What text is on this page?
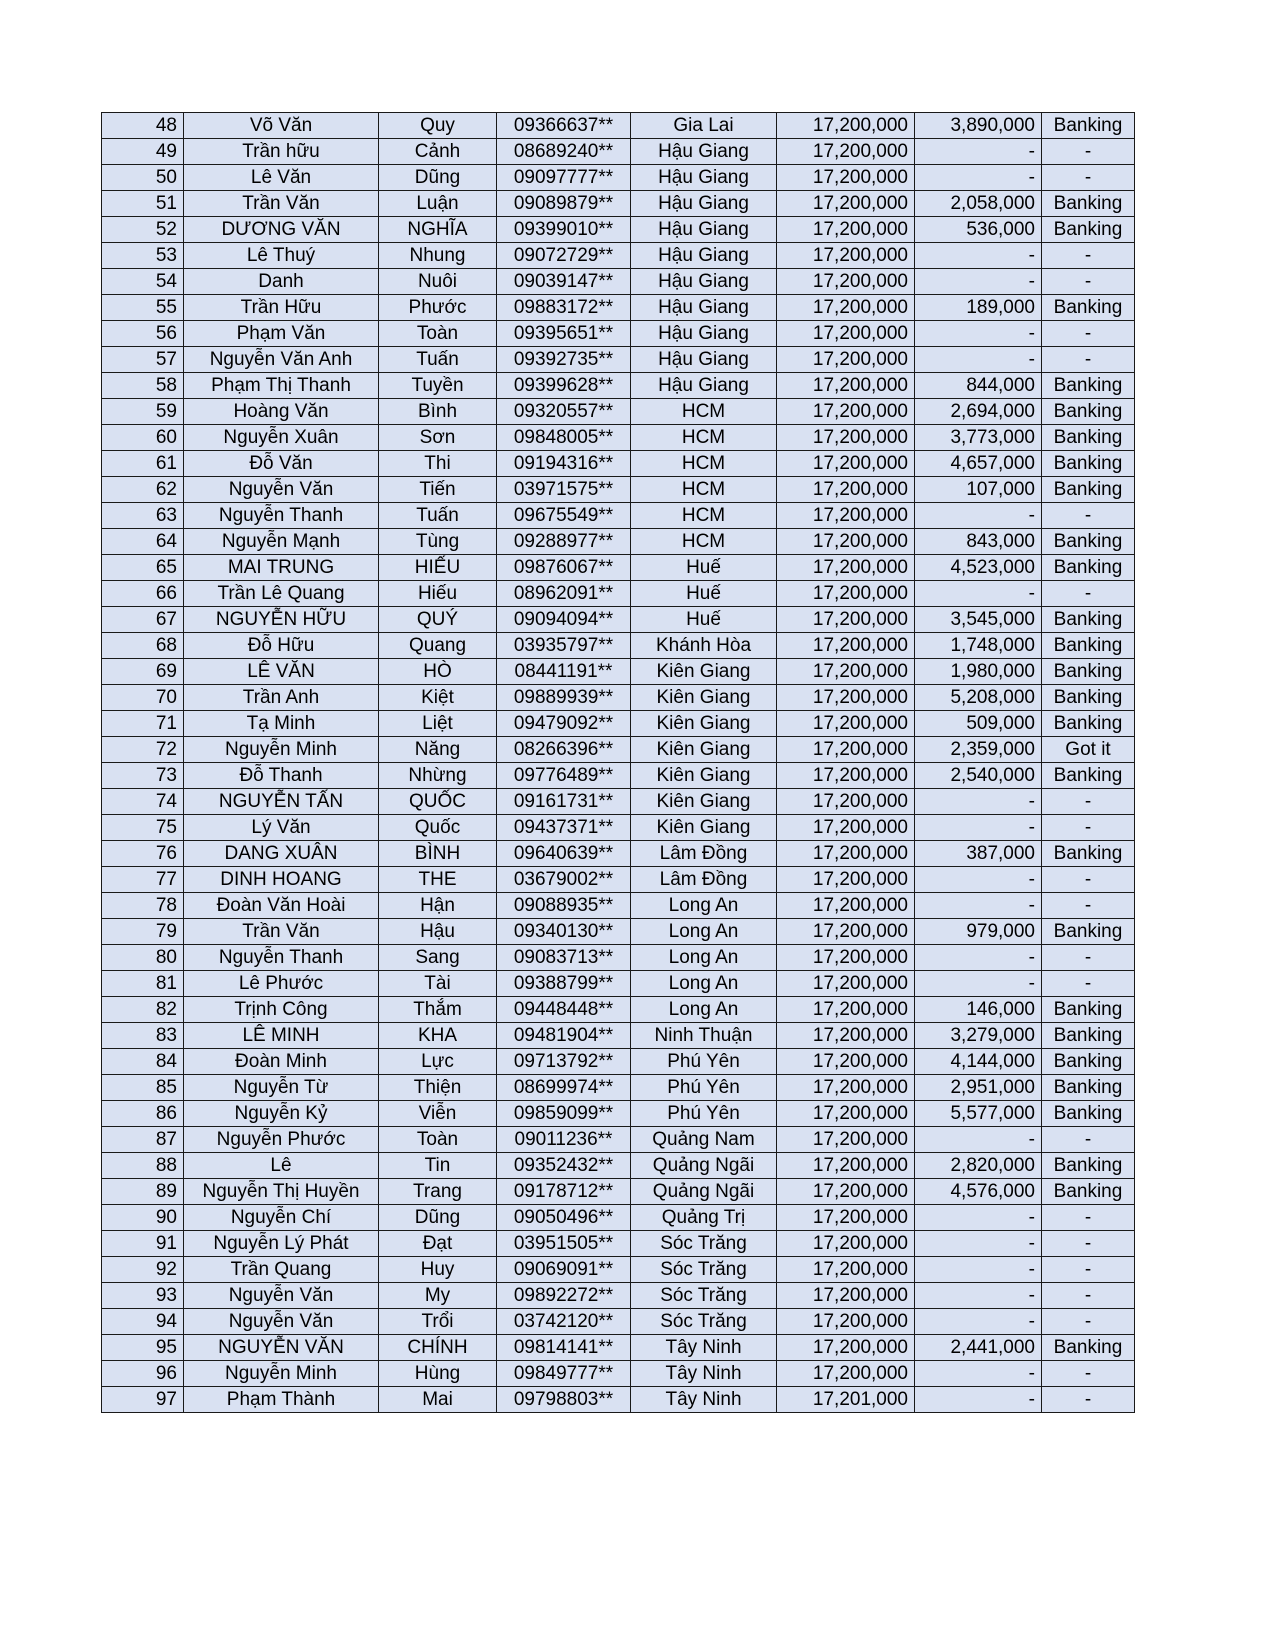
48	Võ Văn	Quy	09366637**	Gia Lai	17,200,000	3,890,000	Banking
49	Trần hữu	Cảnh	08689240**	Hậu Giang	17,200,000	-	-
50	Lê Văn	Dũng	09097777**	Hậu Giang	17,200,000	-	-
51	Trần Văn	Luận	09089879**	Hậu Giang	17,200,000	2,058,000	Banking
52	DƯƠNG VĂN	NGHĨA	09399010**	Hậu Giang	17,200,000	536,000	Banking
53	Lê Thuý	Nhung	09072729**	Hậu Giang	17,200,000	-	-
54	Danh	Nuôi	09039147**	Hậu Giang	17,200,000	-	-
55	Trần Hữu	Phước	09883172**	Hậu Giang	17,200,000	189,000	Banking
56	Phạm Văn	Toàn	09395651**	Hậu Giang	17,200,000	-	-
57	Nguyễn Văn Anh	Tuấn	09392735**	Hậu Giang	17,200,000	-	-
58	Phạm Thị Thanh	Tuyền	09399628**	Hậu Giang	17,200,000	844,000	Banking
59	Hoàng Văn	Bình	09320557**	HCM	17,200,000	2,694,000	Banking
60	Nguyễn Xuân	Sơn	09848005**	HCM	17,200,000	3,773,000	Banking
61	Đỗ Văn	Thi	09194316**	HCM	17,200,000	4,657,000	Banking
62	Nguyễn Văn	Tiến	03971575**	HCM	17,200,000	107,000	Banking
63	Nguyễn Thanh	Tuấn	09675549**	HCM	17,200,000	-	-
64	Nguyễn Mạnh	Tùng	09288977**	HCM	17,200,000	843,000	Banking
65	MAI TRUNG	HIẾU	09876067**	Huế	17,200,000	4,523,000	Banking
66	Trần Lê Quang	Hiếu	08962091**	Huế	17,200,000	-	-
67	NGUYỄN HỮU	QUÝ	09094094**	Huế	17,200,000	3,545,000	Banking
68	Đỗ Hữu	Quang	03935797**	Khánh Hòa	17,200,000	1,748,000	Banking
69	LÊ VĂN	HÒ	08441191**	Kiên Giang	17,200,000	1,980,000	Banking
70	Trần Anh	Kiệt	09889939**	Kiên Giang	17,200,000	5,208,000	Banking
71	Tạ Minh	Liệt	09479092**	Kiên Giang	17,200,000	509,000	Banking
72	Nguyễn Minh	Năng	08266396**	Kiên Giang	17,200,000	2,359,000	Got it
73	Đỗ Thanh	Nhừng	09776489**	Kiên Giang	17,200,000	2,540,000	Banking
74	NGUYỄN TẤN	QUỐC	09161731**	Kiên Giang	17,200,000	-	-
75	Lý Văn	Quốc	09437371**	Kiên Giang	17,200,000	-	-
76	DANG XUÂN	BÌNH	09640639**	Lâm Đồng	17,200,000	387,000	Banking
77	DINH HOANG	THE	03679002**	Lâm Đồng	17,200,000	-	-
78	Đoàn Văn Hoài	Hận	09088935**	Long An	17,200,000	-	-
79	Trần Văn	Hậu	09340130**	Long An	17,200,000	979,000	Banking
80	Nguyễn Thanh	Sang	09083713**	Long An	17,200,000	-	-
81	Lê Phước	Tài	09388799**	Long An	17,200,000	-	-
82	Trịnh Công	Thắm	09448448**	Long An	17,200,000	146,000	Banking
83	LÊ MINH	KHA	09481904**	Ninh Thuận	17,200,000	3,279,000	Banking
84	Đoàn Minh	Lực	09713792**	Phú Yên	17,200,000	4,144,000	Banking
85	Nguyễn Từ	Thiện	08699974**	Phú Yên	17,200,000	2,951,000	Banking
86	Nguyễn Kỷ	Viễn	09859099**	Phú Yên	17,200,000	5,577,000	Banking
87	Nguyễn Phước	Toàn	09011236**	Quảng Nam	17,200,000	-	-
88	Lê	Tin	09352432**	Quảng Ngãi	17,200,000	2,820,000	Banking
89	Nguyễn Thị Huyền	Trang	09178712**	Quảng Ngãi	17,200,000	4,576,000	Banking
90	Nguyễn Chí	Dũng	09050496**	Quảng Trị	17,200,000	-	-
91	Nguyễn Lý Phát	Đạt	03951505**	Sóc Trăng	17,200,000	-	-
92	Trần Quang	Huy	09069091**	Sóc Trăng	17,200,000	-	-
93	Nguyễn Văn	My	09892272**	Sóc Trăng	17,200,000	-	-
94	Nguyễn Văn	Trổi	03742120**	Sóc Trăng	17,200,000	-	-
95	NGUYỄN VĂN	CHÍNH	09814141**	Tây Ninh	17,200,000	2,441,000	Banking
96	Nguyễn Minh	Hùng	09849777**	Tây Ninh	17,200,000	-	-
97	Phạm Thành	Mai	09798803**	Tây Ninh	17,201,000	-	-
